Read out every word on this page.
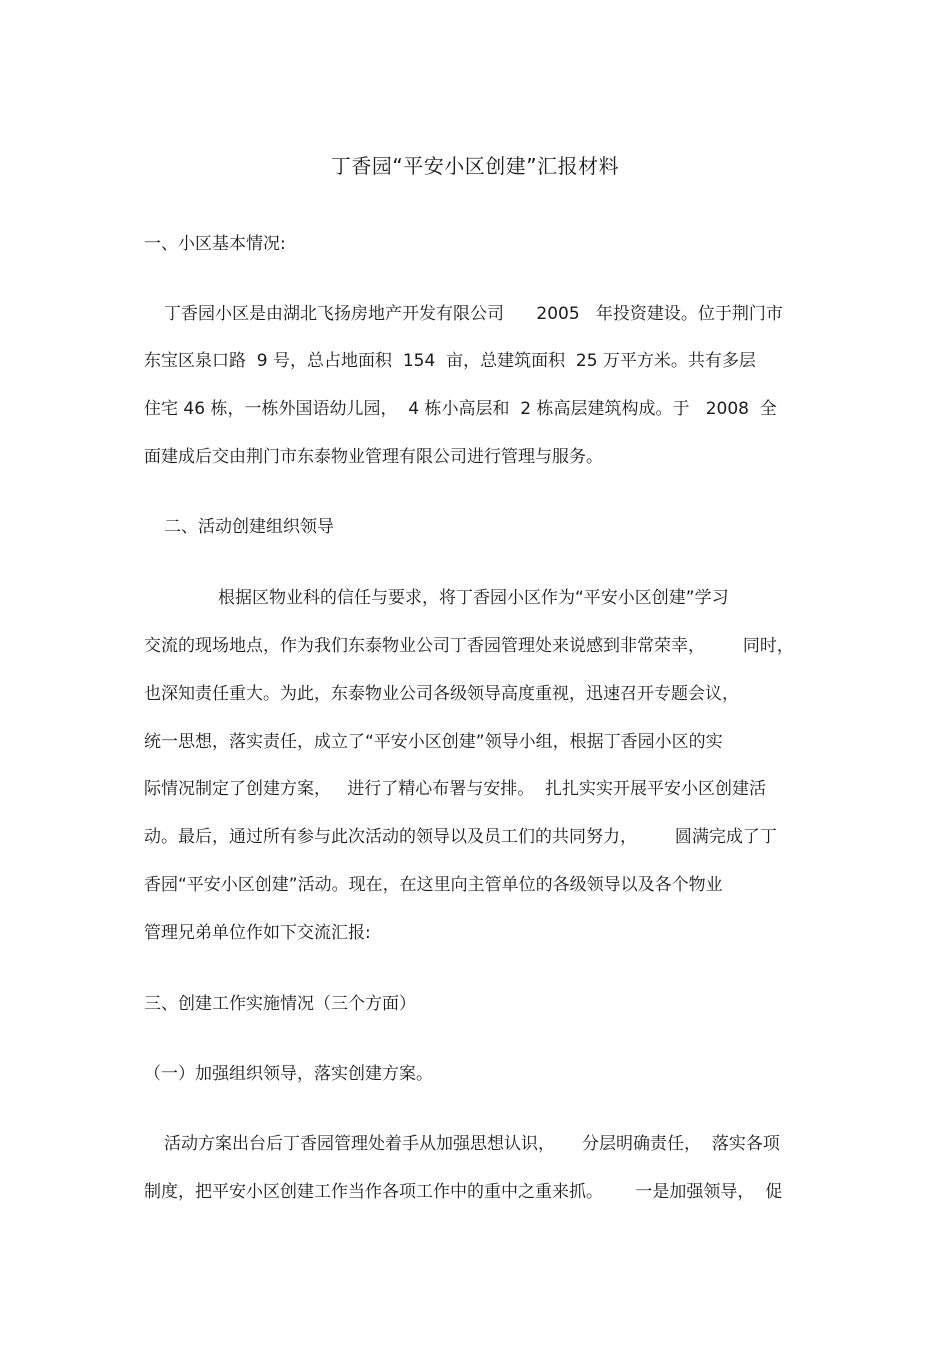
丁香园“平安小区创建”汇报材料
一、小区基本情况:
丁香园小区是由湖北飞扬房地产开发有限公司      2005   年投资建设。位于荆门市
东宝区泉口路  9 号，总占地面积  154  亩，总建筑面积  25 万平方米。共有多层
住宅 46 栋，一栋外国语幼儿园，  4 栋小高层和  2 栋高层建筑构成。于   2008  全
面建成后交由荆门市东泰物业管理有限公司进行管理与服务。
二、活动创建组织领导
根据区物业科的信任与要求，将丁香园小区作为“平安小区创建”学习
交流的现场地点，作为我们东泰物业公司丁香园管理处来说感到非常荣幸，       同时，
也深知责任重大。为此，东泰物业公司各级领导高度重视，迅速召开专题会议，
统一思想，落实责任，成立了“平安小区创建”领导小组，根据丁香园小区的实
际情况制定了创建方案，   进行了精心布署与安排。  扎扎实实开展平安小区创建活
动。最后，通过所有参与此次活动的领导以及员工们的共同努力，       圆满完成了丁
香园“平安小区创建”活动。现在，在这里向主管单位的各级领导以及各个物业
管理兄弟单位作如下交流汇报:
三、创建工作实施情况（三个方面）
（一）加强组织领导，落实创建方案。
活动方案出台后丁香园管理处着手从加强思想认识，     分层明确责任，  落实各项
制度，把平安小区创建工作当作各项工作中的重中之重来抓。      一是加强领导，  促
